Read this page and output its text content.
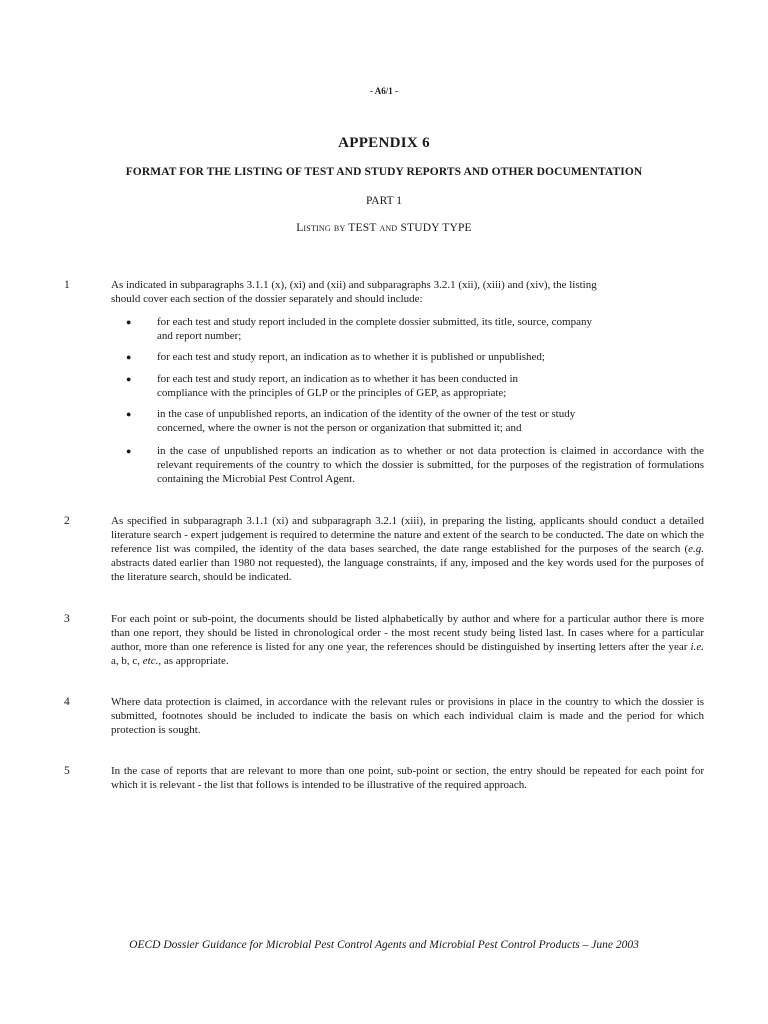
- A6/1 -
APPENDIX 6
FORMAT FOR THE LISTING OF TEST AND STUDY REPORTS AND OTHER DOCUMENTATION
PART 1
Listing by TEST and STUDY TYPE
1	As indicated in subparagraphs 3.1.1 (x), (xi) and (xii) and subparagraphs 3.2.1 (xii), (xiii) and (xiv), the listing should cover each section of the dossier separately and should include:
● for each test and study report included in the complete dossier submitted, its title, source, company and report number;
● for each test and study report, an indication as to whether it is published or unpublished;
● for each test and study report, an indication as to whether it has been conducted in compliance with the principles of GLP or the principles of GEP, as appropriate;
● in the case of unpublished reports, an indication of the identity of the owner of the test or study concerned, where the owner is not the person or organization that submitted it; and
● in the case of unpublished reports an indication as to whether or not data protection is claimed in accordance with the relevant requirements of the country to which the dossier is submitted, for the purposes of the registration of formulations containing the Microbial Pest Control Agent.
2	As specified in subparagraph 3.1.1 (xi) and subparagraph 3.2.1 (xiii), in preparing the listing, applicants should conduct a detailed literature search - expert judgement is required to determine the nature and extent of the search to be conducted. The date on which the reference list was compiled, the identity of the data bases searched, the date range established for the purposes of the search (e.g. abstracts dated earlier than 1980 not requested), the language constraints, if any, imposed and the key words used for the purposes of the literature search, should be indicated.
3	For each point or sub-point, the documents should be listed alphabetically by author and where for a particular author there is more than one report, they should be listed in chronological order - the most recent study being listed last. In cases where for a particular author, more than one reference is listed for any one year, the references should be distinguished by inserting letters after the year i.e. a, b, c, etc., as appropriate.
4	Where data protection is claimed, in accordance with the relevant rules or provisions in place in the country to which the dossier is submitted, footnotes should be included to indicate the basis on which each individual claim is made and the period for which protection is sought.
5	In the case of reports that are relevant to more than one point, sub-point or section, the entry should be repeated for each point for which it is relevant - the list that follows is intended to be illustrative of the required approach.
OECD Dossier Guidance for Microbial Pest Control Agents and Microbial Pest Control Products – June 2003
